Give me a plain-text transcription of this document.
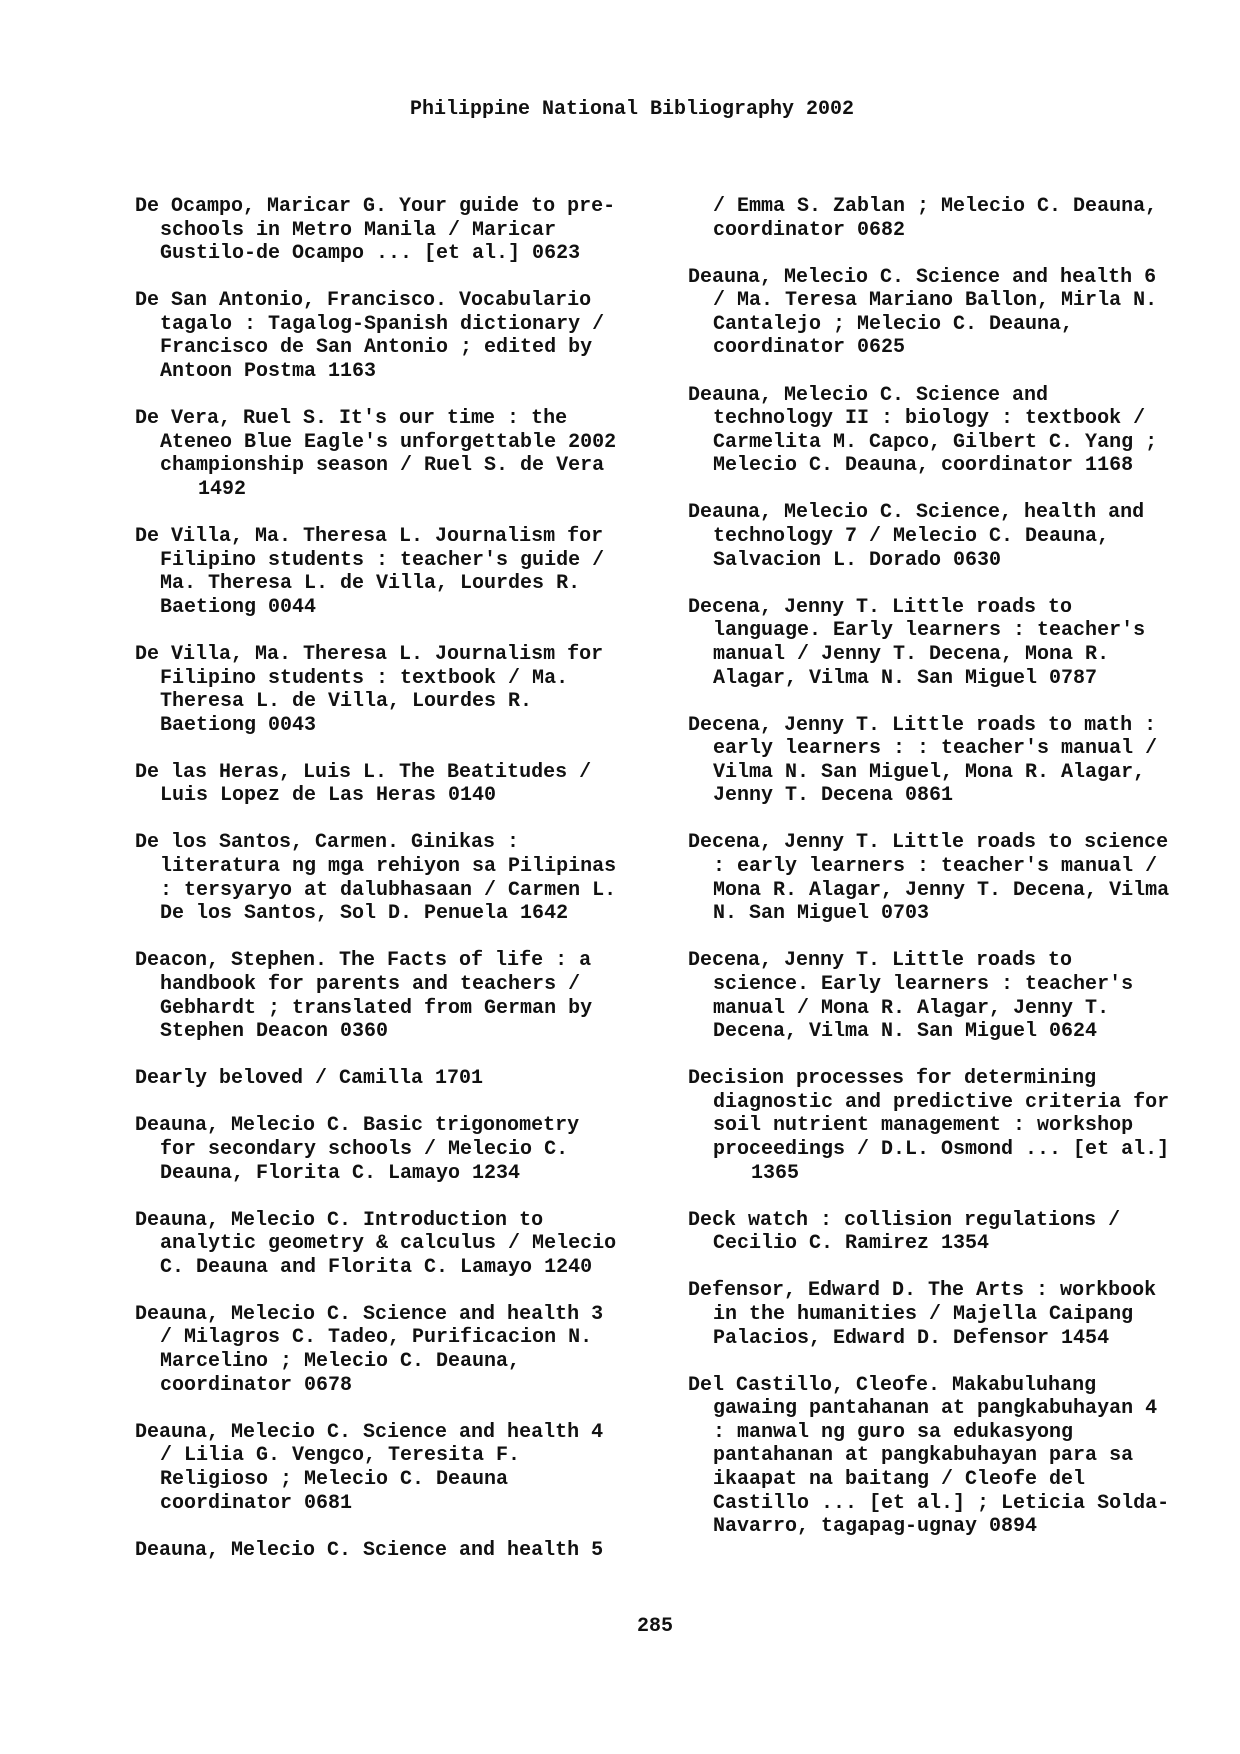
Philippine National Bibliography 2002

De Ocampo, Maricar G. Your guide to pre-
schools in Metro Manila / Maricar
Gustilo-de Ocampo ... [et al.] 0623
De San Antonio, Francisco. Vocabulario
tagalo : Tagalog-Spanish dictionary /
Francisco de San Antonio ; edited by
Antoon Postma 1163
De Vera, Ruel S. It's our time : the
Ateneo Blue Eagle's unforgettable 2002
championship season / Ruel S. de Vera
1492
De Villa, Ma. Theresa L. Journalism for
Filipino students : teacher's guide /
Ma. Theresa L. de Villa, Lourdes R.
Baetiong 0044
De Villa, Ma. Theresa L. Journalism for
Filipino students : textbook / Ma.
Theresa L. de Villa, Lourdes R.
Baetiong 0043
De las Heras, Luis L. The Beatitudes /
Luis Lopez de Las Heras 0140
De los Santos, Carmen. Ginikas :
literatura ng mga rehiyon sa Pilipinas
: tersyaryo at dalubhasaan / Carmen L.
De los Santos, Sol D. Penuela 1642
Deacon, Stephen. The Facts of life : a
handbook for parents and teachers /
Gebhardt ; translated from German by
Stephen Deacon 0360
Dearly beloved / Camilla 1701
Deauna, Melecio C. Basic trigonometry
for secondary schools / Melecio C.
Deauna, Florita C. Lamayo 1234
Deauna, Melecio C. Introduction to
analytic geometry & calculus / Melecio
C. Deauna and Florita C. Lamayo 1240
Deauna, Melecio C. Science and health 3
/ Milagros C. Tadeo, Purificacion N.
Marcelino ; Melecio C. Deauna,
coordinator 0678
Deauna, Melecio C. Science and health 4
/ Lilia G. Vengco, Teresita F.
Religioso ; Melecio C. Deauna
coordinator 0681
Deauna, Melecio C. Science and health 5
/ Emma S. Zablan ; Melecio C. Deauna,
coordinator 0682
Deauna, Melecio C. Science and health 6
/ Ma. Teresa Mariano Ballon, Mirla N.
Cantalejo ; Melecio C. Deauna,
coordinator 0625
Deauna, Melecio C. Science and
technology II : biology : textbook /
Carmelita M. Capco, Gilbert C. Yang ;
Melecio C. Deauna, coordinator 1168
Deauna, Melecio C. Science, health and
technology 7 / Melecio C. Deauna,
Salvacion L. Dorado 0630
Decena, Jenny T. Little roads to
language. Early learners : teacher's
manual / Jenny T. Decena, Mona R.
Alagar, Vilma N. San Miguel 0787
Decena, Jenny T. Little roads to math :
early learners : : teacher's manual /
Vilma N. San Miguel, Mona R. Alagar,
Jenny T. Decena 0861
Decena, Jenny T. Little roads to science
: early learners : teacher's manual /
Mona R. Alagar, Jenny T. Decena, Vilma
N. San Miguel 0703
Decena, Jenny T. Little roads to
science. Early learners : teacher's
manual / Mona R. Alagar, Jenny T.
Decena, Vilma N. San Miguel 0624
Decision processes for determining
diagnostic and predictive criteria for
soil nutrient management : workshop
proceedings / D.L. Osmond ... [et al.]
1365
Deck watch : collision regulations /
Cecilio C. Ramirez 1354
Defensor, Edward D. The Arts : workbook
in the humanities / Majella Caipang
Palacios, Edward D. Defensor 1454
Del Castillo, Cleofe. Makabuluhang
gawaing pantahanan at pangkabuhayan 4
: manwal ng guro sa edukasyong
pantahanan at pangkabuhayan para sa
ikaapat na baitang / Cleofe del
Castillo ... [et al.] ; Leticia Solda-
Navarro, tagapag-ugnay 0894
285
